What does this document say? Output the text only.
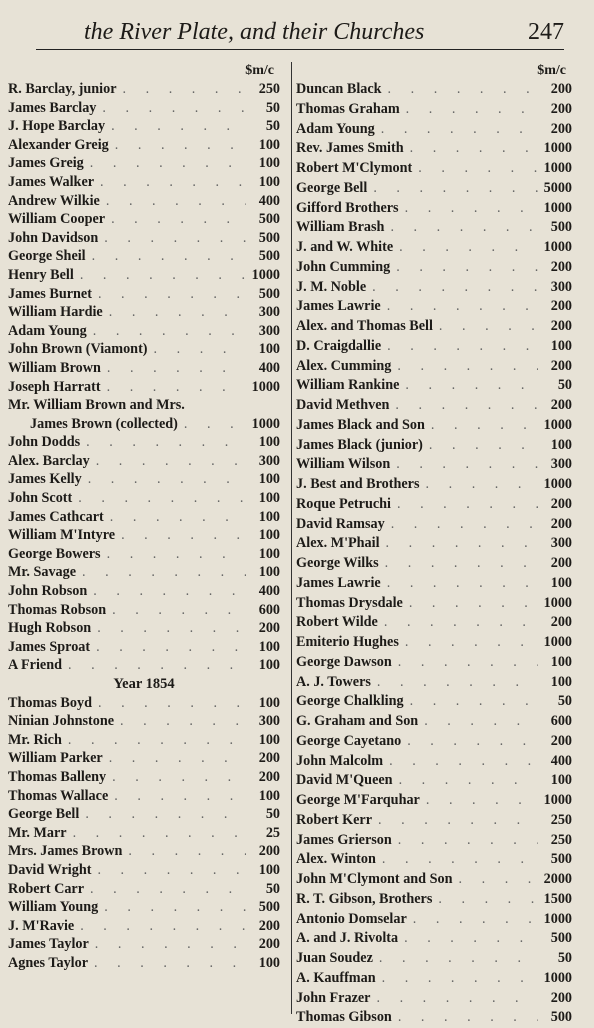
the River Plate, and their Churches	247
$m/c
R. Barclay, junior . . .	250
James Barclay . . .	50
J. Hope Barclay . . .	50
Alexander Greig . . .	100
James Greig . . .	100
James Walker . . .	100
Andrew Wilkie . . .	400
William Cooper . . .	500
John Davidson . . .	500
George Sheil . . .	500
Henry Bell . . .	1000
James Burnet . . .	500
William Hardie . . .	300
Adam Young . . .	300
John Brown (Viamont) . . .	100
William Brown . . .	400
Joseph Harratt . . .	1000
Mr. William Brown and Mrs.
James Brown (collected) . . .	1000
John Dodds . . .	100
Alex. Barclay . . .	300
James Kelly . . .	100
John Scott . . .	100
James Cathcart . . .	100
William M'Intyre . . .	100
George Bowers . . .	100
Mr. Savage . . .	100
John Robson . . .	400
Thomas Robson . . .	600
Hugh Robson . . .	200
James Sproat . . .	100
A Friend . . .	100
Year 1854
Thomas Boyd . . .	100
Ninian Johnstone . . .	300
Mr. Rich . . .	100
William Parker . . .	200
Thomas Balleny . . .	200
Thomas Wallace . . .	100
George Bell . . .	50
Mr. Marr . . .	25
Mrs. James Brown . . .	200
David Wright . . .	100
Robert Carr . . .	50
William Young . . .	500
J. M'Ravie . . .	200
James Taylor . . .	200
Agnes Taylor . . .	100
$m/c
Duncan Black . . .	200
Thomas Graham . . .	200
Adam Young . . .	200
Rev. James Smith . . .	1000
Robert M'Clymont . . .	1000
George Bell . . .	5000
Gifford Brothers . . .	1000
William Brash . . .	500
J. and W. White . . .	1000
John Cumming . . .	200
J. M. Noble . . .	300
James Lawrie . . .	200
Alex. and Thomas Bell . . .	200
D. Craigdallie . . .	100
Alex. Cumming . . .	200
William Rankine . . .	50
David Methven . . .	200
James Black and Son . . .	1000
James Black (junior) . . .	100
William Wilson . . .	300
J. Best and Brothers . . .	1000
Roque Petruchi . . .	200
David Ramsay . . .	200
Alex. M'Phail . . .	300
George Wilks . . .	200
James Lawrie . . .	100
Thomas Drysdale . . .	1000
Robert Wilde . . .	200
Emiterio Hughes . . .	1000
George Dawson . . .	100
A. J. Towers . . .	100
George Chalkling . . .	50
G. Graham and Son . . .	600
George Cayetano . . .	200
John Malcolm . . .	400
David M'Queen . . .	100
George M'Farquhar . . .	1000
Robert Kerr . . .	250
James Grierson . . .	250
Alex. Winton . . .	500
John M'Clymont and Son . . .	2000
R. T. Gibson, Brothers . . .	1500
Antonio Domselar . . .	1000
A. and J. Rivolta . . .	500
Juan Soudez . . .	50
A. Kauffman . . .	1000
John Frazer . . .	200
Thomas Gibson . . .	500
